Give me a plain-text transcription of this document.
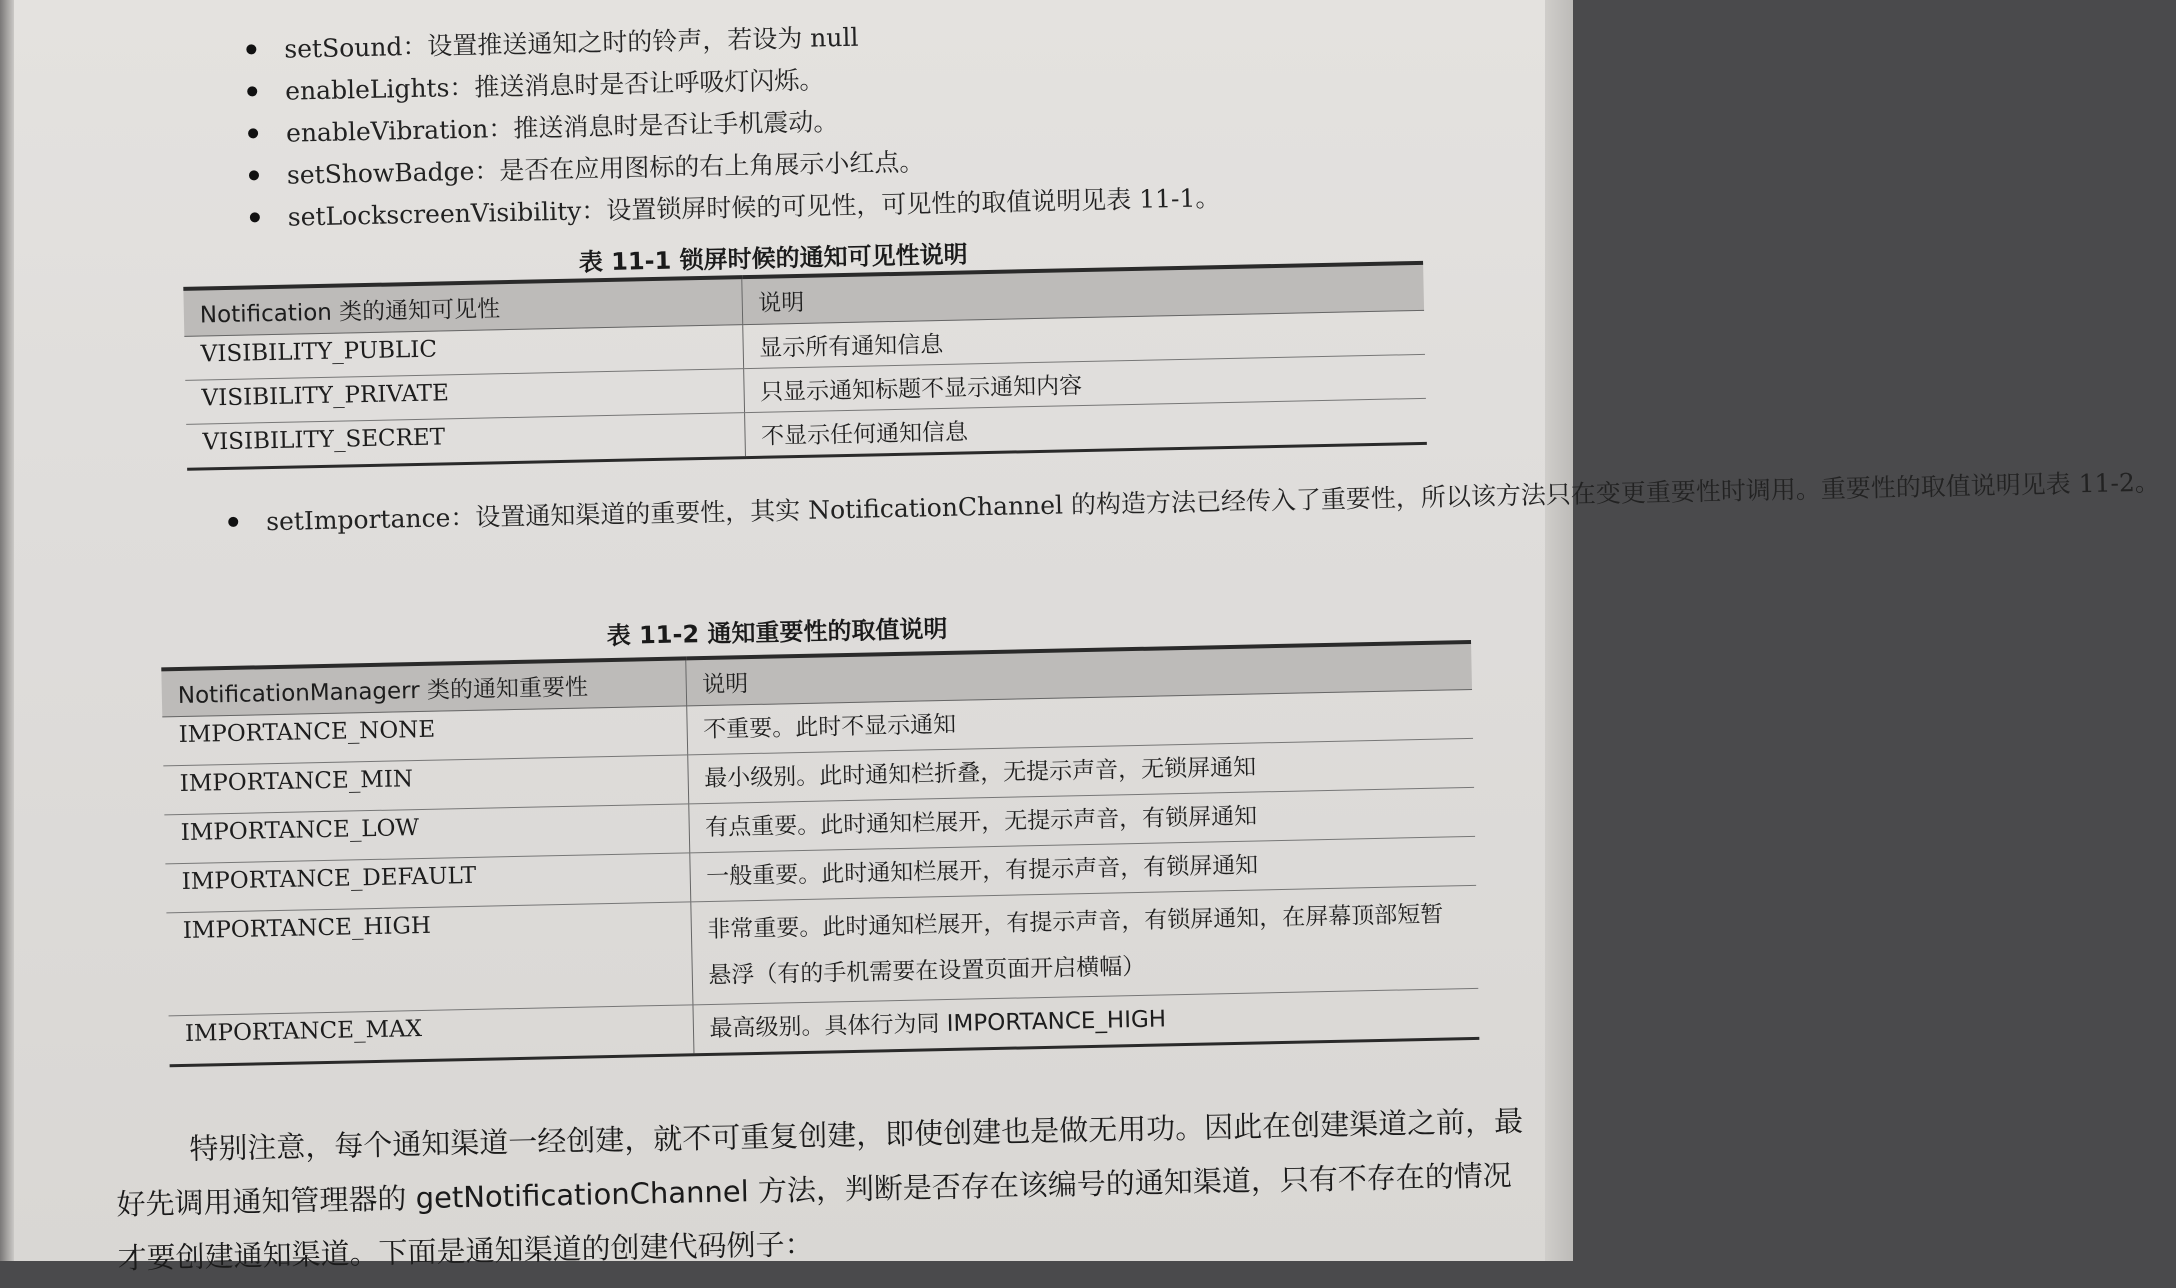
setSound：设置推送通知之时的铃声，若设为 null
enableLights：推送消息时是否让呼吸灯闪烁。
enableVibration：推送消息时是否让手机震动。
setShowBadge：是否在应用图标的右上角展示小红点。
setLockscreenVisibility：设置锁屏时候的可见性，可见性的取值说明见表 11-1。
表 11-1 锁屏时候的通知可见性说明
Notification 类的通知可见性	说明
VISIBILITY_PUBLIC	显示所有通知信息
VISIBILITY_PRIVATE	只显示通知标题不显示通知内容
VISIBILITY_SECRET	不显示任何通知信息
setImportance：设置通知渠道的重要性，其实 NotificationChannel 的构造方法已经传入了重要性，所以该方法只在变更重要性时调用。重要性的取值说明见表 11-2。
表 11-2 通知重要性的取值说明
NotificationManagerr 类的通知重要性	说明
IMPORTANCE_NONE	不重要。此时不显示通知
IMPORTANCE_MIN	最小级别。此时通知栏折叠，无提示声音，无锁屏通知
IMPORTANCE_LOW	有点重要。此时通知栏展开，无提示声音，有锁屏通知
IMPORTANCE_DEFAULT	一般重要。此时通知栏展开，有提示声音，有锁屏通知
IMPORTANCE_HIGH	非常重要。此时通知栏展开，有提示声音，有锁屏通知，在屏幕顶部短暂悬浮（有的手机需要在设置页面开启横幅）
IMPORTANCE_MAX	最高级别。具体行为同 IMPORTANCE_HIGH

特别注意，每个通知渠道一经创建，就不可重复创建，即使创建也是做无用功。因此在创建渠道之前，最好先调用通知管理器的 getNotificationChannel 方法，判断是否存在该编号的通知渠道，只有不存在的情况才要创建通知渠道。下面是通知渠道的创建代码例子：
